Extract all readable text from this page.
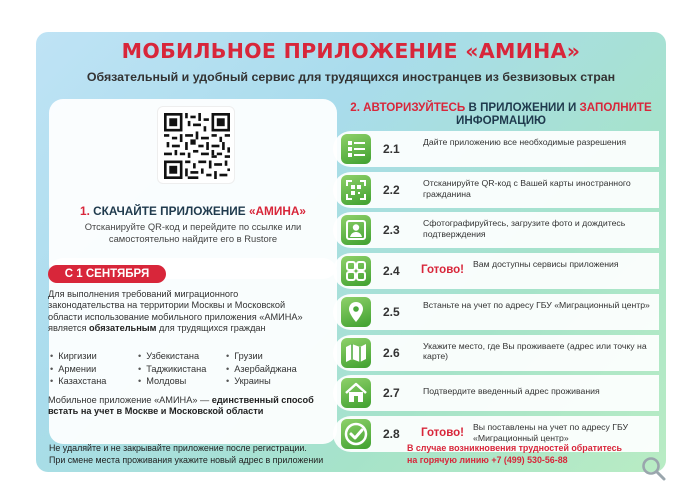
МОБИЛЬНОЕ ПРИЛОЖЕНИЕ «АМИНА»
Обязательный и удобный сервис для трудящихся иностранцев из безвизовых стран
1. СКАЧАЙТЕ ПРИЛОЖЕНИЕ «АМИНА»
Отсканируйте QR-код и перейдите по ссылке или самостоятельно найдите его в Rustore
С 1 СЕНТЯБРЯ
Для выполнения требований миграционного законодательства на территории Москвы и Московской области использование мобильного приложения «АМИНА» является обязательным для трудящихся граждан
• Киргизии
• Армении
• Казахстана
• Узбекистана
• Таджикистана
• Молдовы
• Грузии
• Азербайджана
• Украины
Мобильное приложение «АМИНА» — единственный способ встать на учет в Москве и Московской области
2. АВТОРИЗУЙТЕСЬ В ПРИЛОЖЕНИИ И ЗАПОЛНИТЕ
ИНФОРМАЦИЮ
2.1	Дайте приложению все необходимые разрешения
2.2	Отсканируйте QR-код с Вашей карты иностранного гражданина
2.3	Сфотографируйтесь, загрузите фото и дождитесь подтверждения
2.4	Готово! Вам доступны сервисы приложения
2.5	Встаньте на учет по адресу ГБУ «Миграционный центр»
2.6	Укажите место, где Вы проживаете (адрес или точку на карте)
2.7	Подтвердите введенный адрес проживания
2.8	Готово! Вы поставлены на учет по адресу ГБУ «Миграционный центр»
Не удаляйте и не закрывайте приложение после регистрации.
При смене места проживания укажите новый адрес в приложении
В случае возникновения трудностей обратитесь
на горячую линию +7 (499) 530-56-88
